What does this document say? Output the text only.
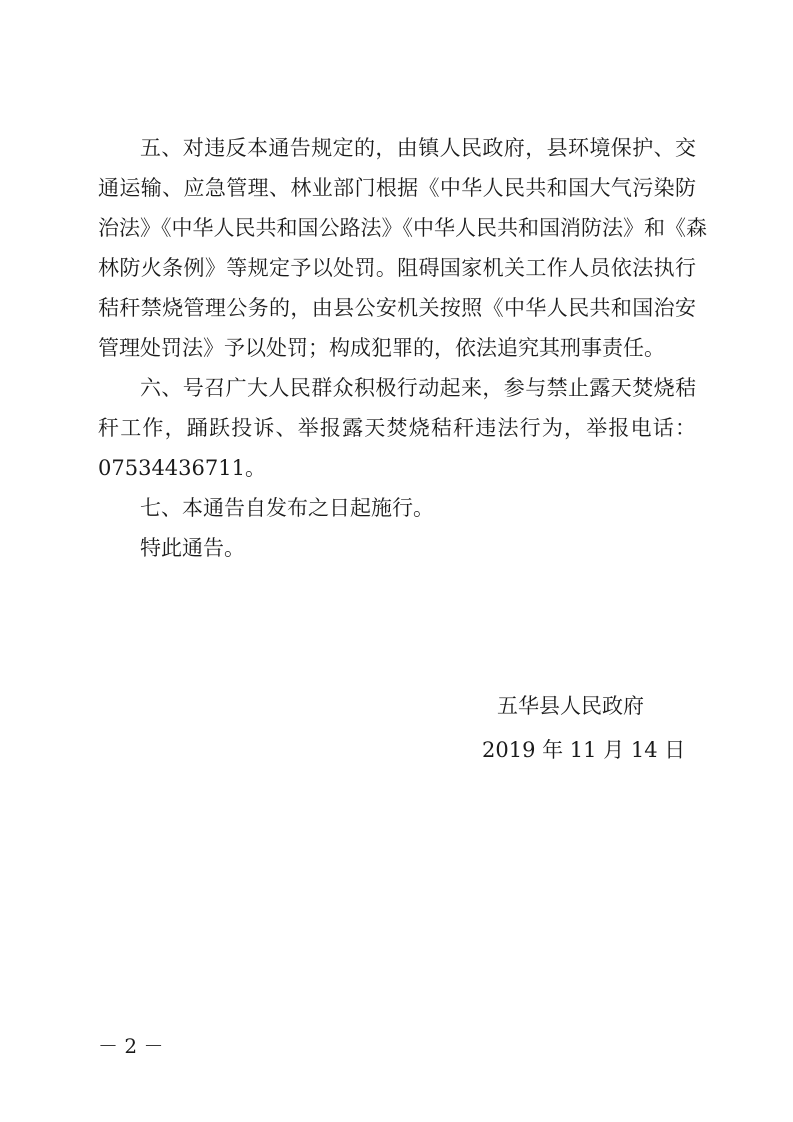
五、对违反本通告规定的，由镇人民政府，县环境保护、交
通运输、应急管理、林业部门根据《中华人民共和国大气污染防
治法》《中华人民共和国公路法》《中华人民共和国消防法》和《森
林防火条例》等规定予以处罚。阻碍国家机关工作人员依法执行
秸秆禁烧管理公务的，由县公安机关按照《中华人民共和国治安
管理处罚法》予以处罚；构成犯罪的，依法追究其刑事责任。
六、号召广大人民群众积极行动起来，参与禁止露天焚烧秸
秆工作，踊跃投诉、举报露天焚烧秸秆违法行为，举报电话：
07534436711。
七、本通告自发布之日起施行。
特此通告。
五华县人民政府
2019 年 11 月 14 日
－ 2 －
